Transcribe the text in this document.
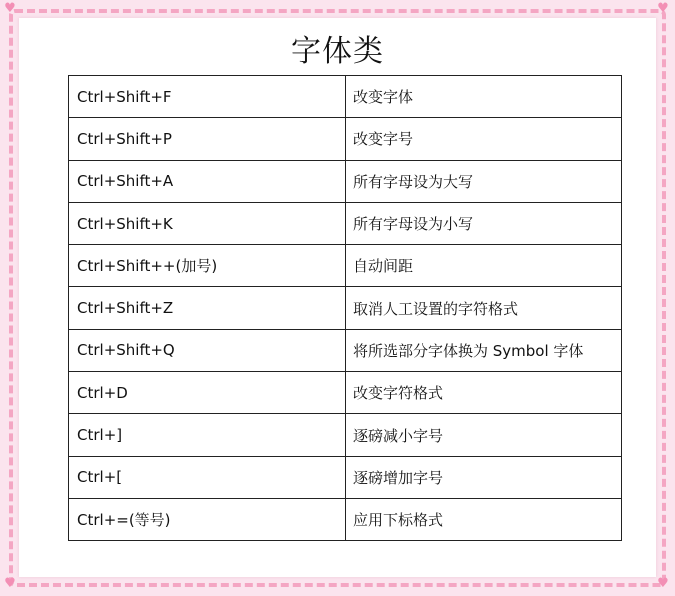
♥	♥
♥	♥
字体类
Ctrl+Shift+F	改变字体
Ctrl+Shift+P	改变字号
Ctrl+Shift+A	所有字母设为大写
Ctrl+Shift+K	所有字母设为小写
Ctrl+Shift++(加号)	自动间距
Ctrl+Shift+Z	取消人工设置的字符格式
Ctrl+Shift+Q	将所选部分字体换为 Symbol 字体
Ctrl+D	改变字符格式
Ctrl+]	逐磅减小字号
Ctrl+[	逐磅增加字号
Ctrl+=(等号)	应用下标格式
